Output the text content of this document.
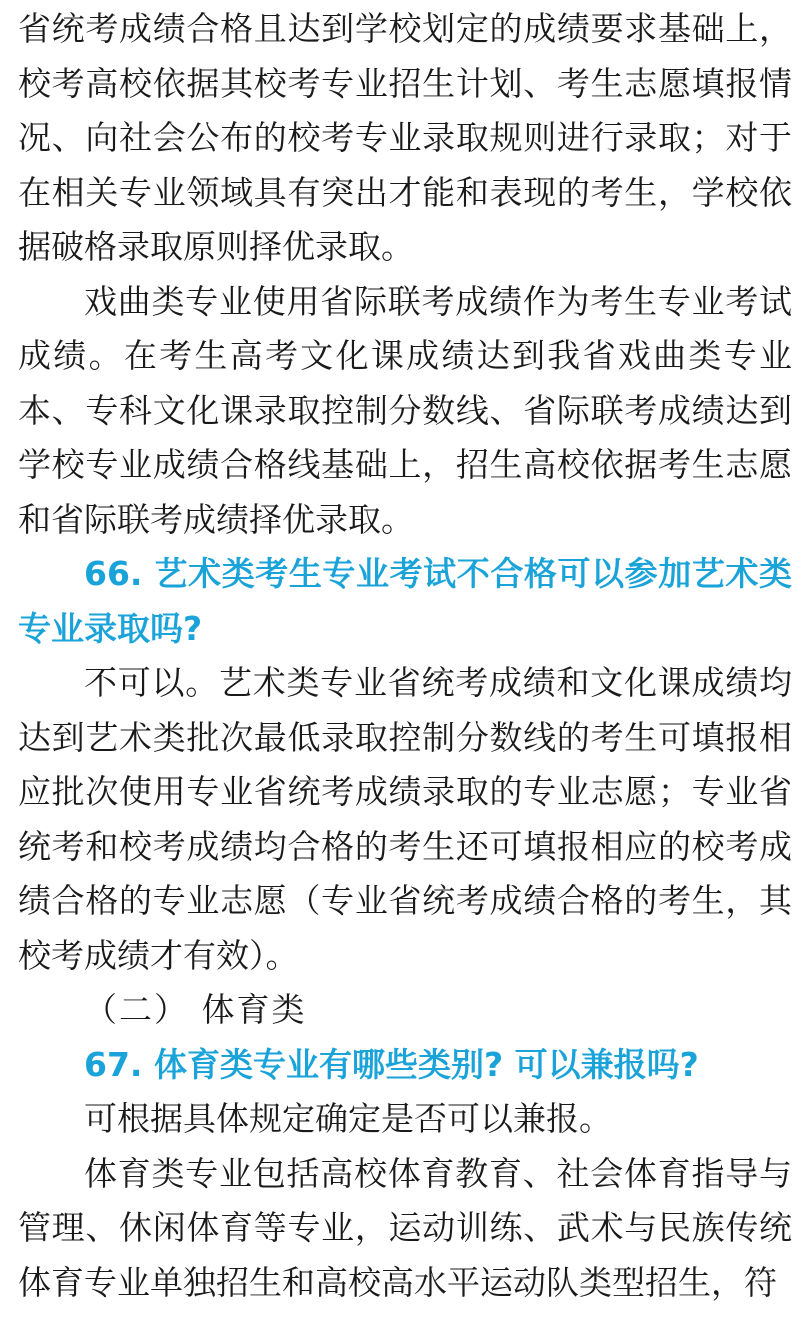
省统考成绩合格且达到学校划定的成绩要求基础上，校考高校依据其校考专业招生计划、考生志愿填报情况、向社会公布的校考专业录取规则进行录取；对于在相关专业领域具有突出才能和表现的考生，学校依据破格录取原则择优录取。

戏曲类专业使用省际联考成绩作为考生专业考试成绩。在考生高考文化课成绩达到我省戏曲类专业本、专科文化课录取控制分数线、省际联考成绩达到学校专业成绩合格线基础上，招生高校依据考生志愿和省际联考成绩择优录取。

66. 艺术类考生专业考试不合格可以参加艺术类专业录取吗?

不可以。艺术类专业省统考成绩和文化课成绩均达到艺术类批次最低录取控制分数线的考生可填报相应批次使用专业省统考成绩录取的专业志愿；专业省统考和校考成绩均合格的考生还可填报相应的校考成绩合格的专业志愿（专业省统考成绩合格的考生，其校考成绩才有效）。

（二） 体育类

67. 体育类专业有哪些类别? 可以兼报吗?

可根据具体规定确定是否可以兼报。

体育类专业包括高校体育教育、社会体育指导与管理、休闲体育等专业，运动训练、武术与民族传统体育专业单独招生和高校高水平运动队类型招生，符
